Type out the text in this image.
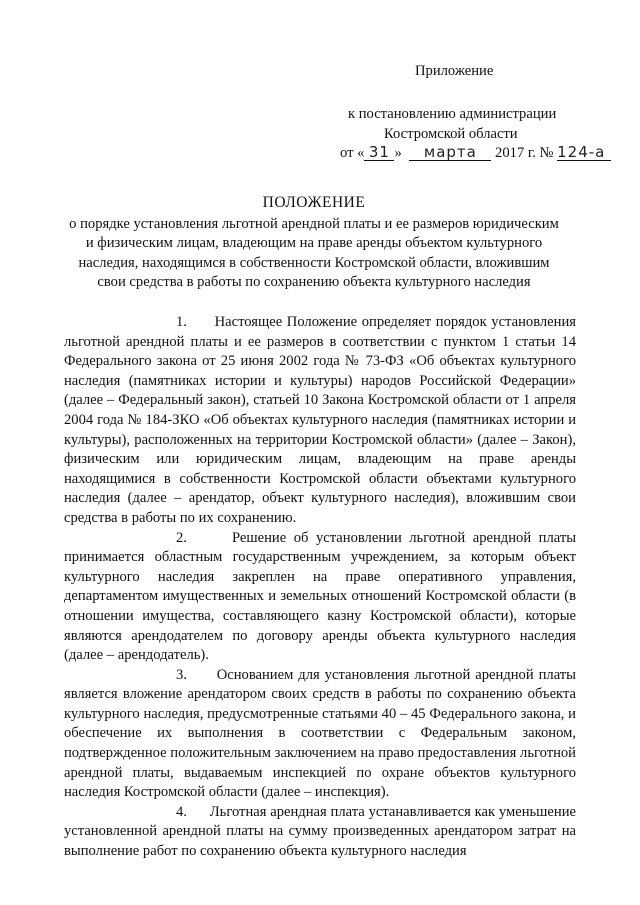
Приложение
к постановлению администрации
Костромской области
от « 31 » марта 2017 г. № 124-а
ПОЛОЖЕНИЕ
о порядке установления льготной арендной платы и ее размеров юридическим и физическим лицам, владеющим на праве аренды объектом культурного наследия, находящимся в собственности Костромской области, вложившим свои средства в работы по сохранению объекта культурного наследия

1. Настоящее Положение определяет порядок установления льготной арендной платы и ее размеров в соответствии с пунктом 1 статьи 14 Федерального закона от 25 июня 2002 года № 73-ФЗ «Об объектах культурного наследия (памятниках истории и культуры) народов Российской Федерации» (далее – Федеральный закон), статьей 10 Закона Костромской области от 1 апреля 2004 года № 184-ЗКО «Об объектах культурного наследия (памятниках истории и культуры), расположенных на территории Костромской области» (далее – Закон), физическим или юридическим лицам, владеющим на праве аренды находящимися в собственности Костромской области объектами культурного наследия (далее – арендатор, объект культурного наследия), вложившим свои средства в работы по их сохранению.

2.	Решение об установлении льготной арендной платы принимается областным государственным учреждением, за которым объект культурного наследия закреплен на праве оперативного управления, департаментом имущественных и земельных отношений Костромской области (в отношении имущества, составляющего казну Костромской области), которые являются арендодателем по договору аренды объекта культурного наследия (далее – арендодатель).

3. Основанием для установления льготной арендной платы является вложение арендатором своих средств в работы по сохранению объекта культурного наследия, предусмотренные статьями 40 – 45 Федерального закона, и обеспечение их выполнения в соответствии с Федеральным законом, подтвержденное положительным заключением на право предоставления льготной арендной платы, выдаваемым инспекцией по охране объектов культурного наследия Костромской области (далее – инспекция).

4. Льготная арендная плата устанавливается как уменьшение установленной арендной платы на сумму произведенных арендатором затрат на выполнение работ по сохранению объекта культурного наследия
